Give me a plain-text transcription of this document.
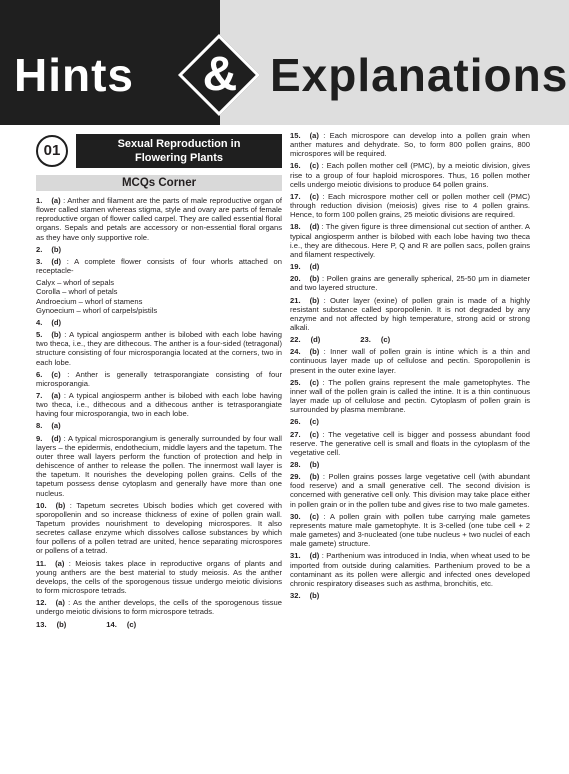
Hints	& Explanations
01	Sexual Reproduction in
Flowering Plants
MCQs Corner
1. (a) : Anther and filament are the parts of male reproductive organ of flower called stamen whereas stigma, style and ovary are parts of female reproductive organ of flower called carpel. They are called essential floral organs. Sepals and petals are accessory or non-essential floral organs as they have only supportive role.
2. (b)
3. (d) : A complete flower consists of four whorls attached on receptacle-
Calyx – whorl of sepals
Corolla – whorl of petals
Androecium – whorl of stamens
Gynoecium – whorl of carpels/pistils
4. (d)
5. (b) : A typical angiosperm anther is bilobed with each lobe having two theca, i.e., they are dithecous. The anther is a four-sided (tetragonal) structure consisting of four microsporangia located at the corners, two in each lobe.
6. (c) : Anther is generally tetrasporangiate consisting of four microsporangia.
7. (a) : A typical angiosperm anther is bilobed with each lobe having two theca, i.e., dithecous and a dithecous anther is tetrasporangiate having four microsporangia, two in each lobe.
8. (a)
9. (d) : A typical microsporangium is generally surrounded by four wall layers – the epidermis, endothecium, middle layers and the tapetum. The outer three wall layers perform the function of protection and help in dehiscence of anther to release the pollen. The innermost wall layer is the tapetum. It nourishes the developing pollen grains. Cells of the tapetum possess dense cytoplasm and generally have more than one nucleus.
10. (b) : Tapetum secretes Ubisch bodies which get covered with sporopollenin and so increase thickness of exine of pollen grain wall. Tapetum provides nourishment to developing microspores. It also secretes callase enzyme which dissolves callose substances by which four pollens of a pollen tetrad are united, hence separating microspores or pollens of a tetrad.
11. (a) : Meiosis takes place in reproductive organs of plants and young anthers are the best material to study meiosis. As the anther develops, the cells of the sporogenous tissue undergo meiotic divisions to form microspore tetrads.
12. (a) : As the anther develops, the cells of the sporogenous tissue undergo meiotic divisions to form microspore tetrads.
13. (b)	14. (c)
15. (a) : Each microspore can develop into a pollen grain when anther matures and dehydrate. So, to form 800 pollen grains, 800 microspores will be required.
16. (c) : Each pollen mother cell (PMC), by a meiotic division, gives rise to a group of four haploid microspores. Thus, 16 pollen mother cells undergo meiotic divisions to produce 64 pollen grains.
17. (c) : Each microspore mother cell or pollen mother cell (PMC) through reduction division (meiosis) gives rise to 4 pollen grains. Hence, to form 100 pollen grains, 25 meiotic divisions are required.
18. (d) : The given figure is three dimensional cut section of anther. A typical angiosperm anther is bilobed with each lobe having two theca i.e., they are dithecous. Here P, Q and R are pollen sacs, pollen grains and filament respectively.
19. (d)
20. (b) : Pollen grains are generally spherical, 25-50 μm in diameter and two layered structure.
21. (b) : Outer layer (exine) of pollen grain is made of a highly resistant substance called sporopollenin. It is not degraded by any enzyme and not affected by high temperature, strong acid or strong alkali.
22. (d)	23. (c)
24. (b) : Inner wall of pollen grain is intine which is a thin and continuous layer made up of cellulose and pectin. Sporopollenin is present in the outer exine layer.
25. (c) : The pollen grains represent the male gametophytes. The inner wall of the pollen grain is called the intine. It is a thin continuous layer made up of cellulose and pectin. Cytoplasm of pollen grain is surrounded by plasma membrane.
26. (c)
27. (c) : The vegetative cell is bigger and possess abundant food reserve. The generative cell is small and floats in the cytoplasm of the vegetative cell.
28. (b)
29. (b) : Pollen grains posses large vegetative cell (with abundant food reserve) and a small generative cell. The second division is concerned with generative cell only. This division may take place either in pollen grain or in the pollen tube and gives rise to two male gametes.
30. (c) : A pollen grain with pollen tube carrying male gametes represents mature male gametophyte. It is 3-celled (one tube cell + 2 male gametes) and 3-nucleated (one tube nucleus + two nuclei of each male gamete) structure.
31. (d) : Parthenium was introduced in India, when wheat used to be imported from outside during calamities. Parthenium proved to be a contaminant as its pollen were allergic and infected ones developed chronic respiratory diseases such as asthma, bronchitis, etc.
32. (b)
